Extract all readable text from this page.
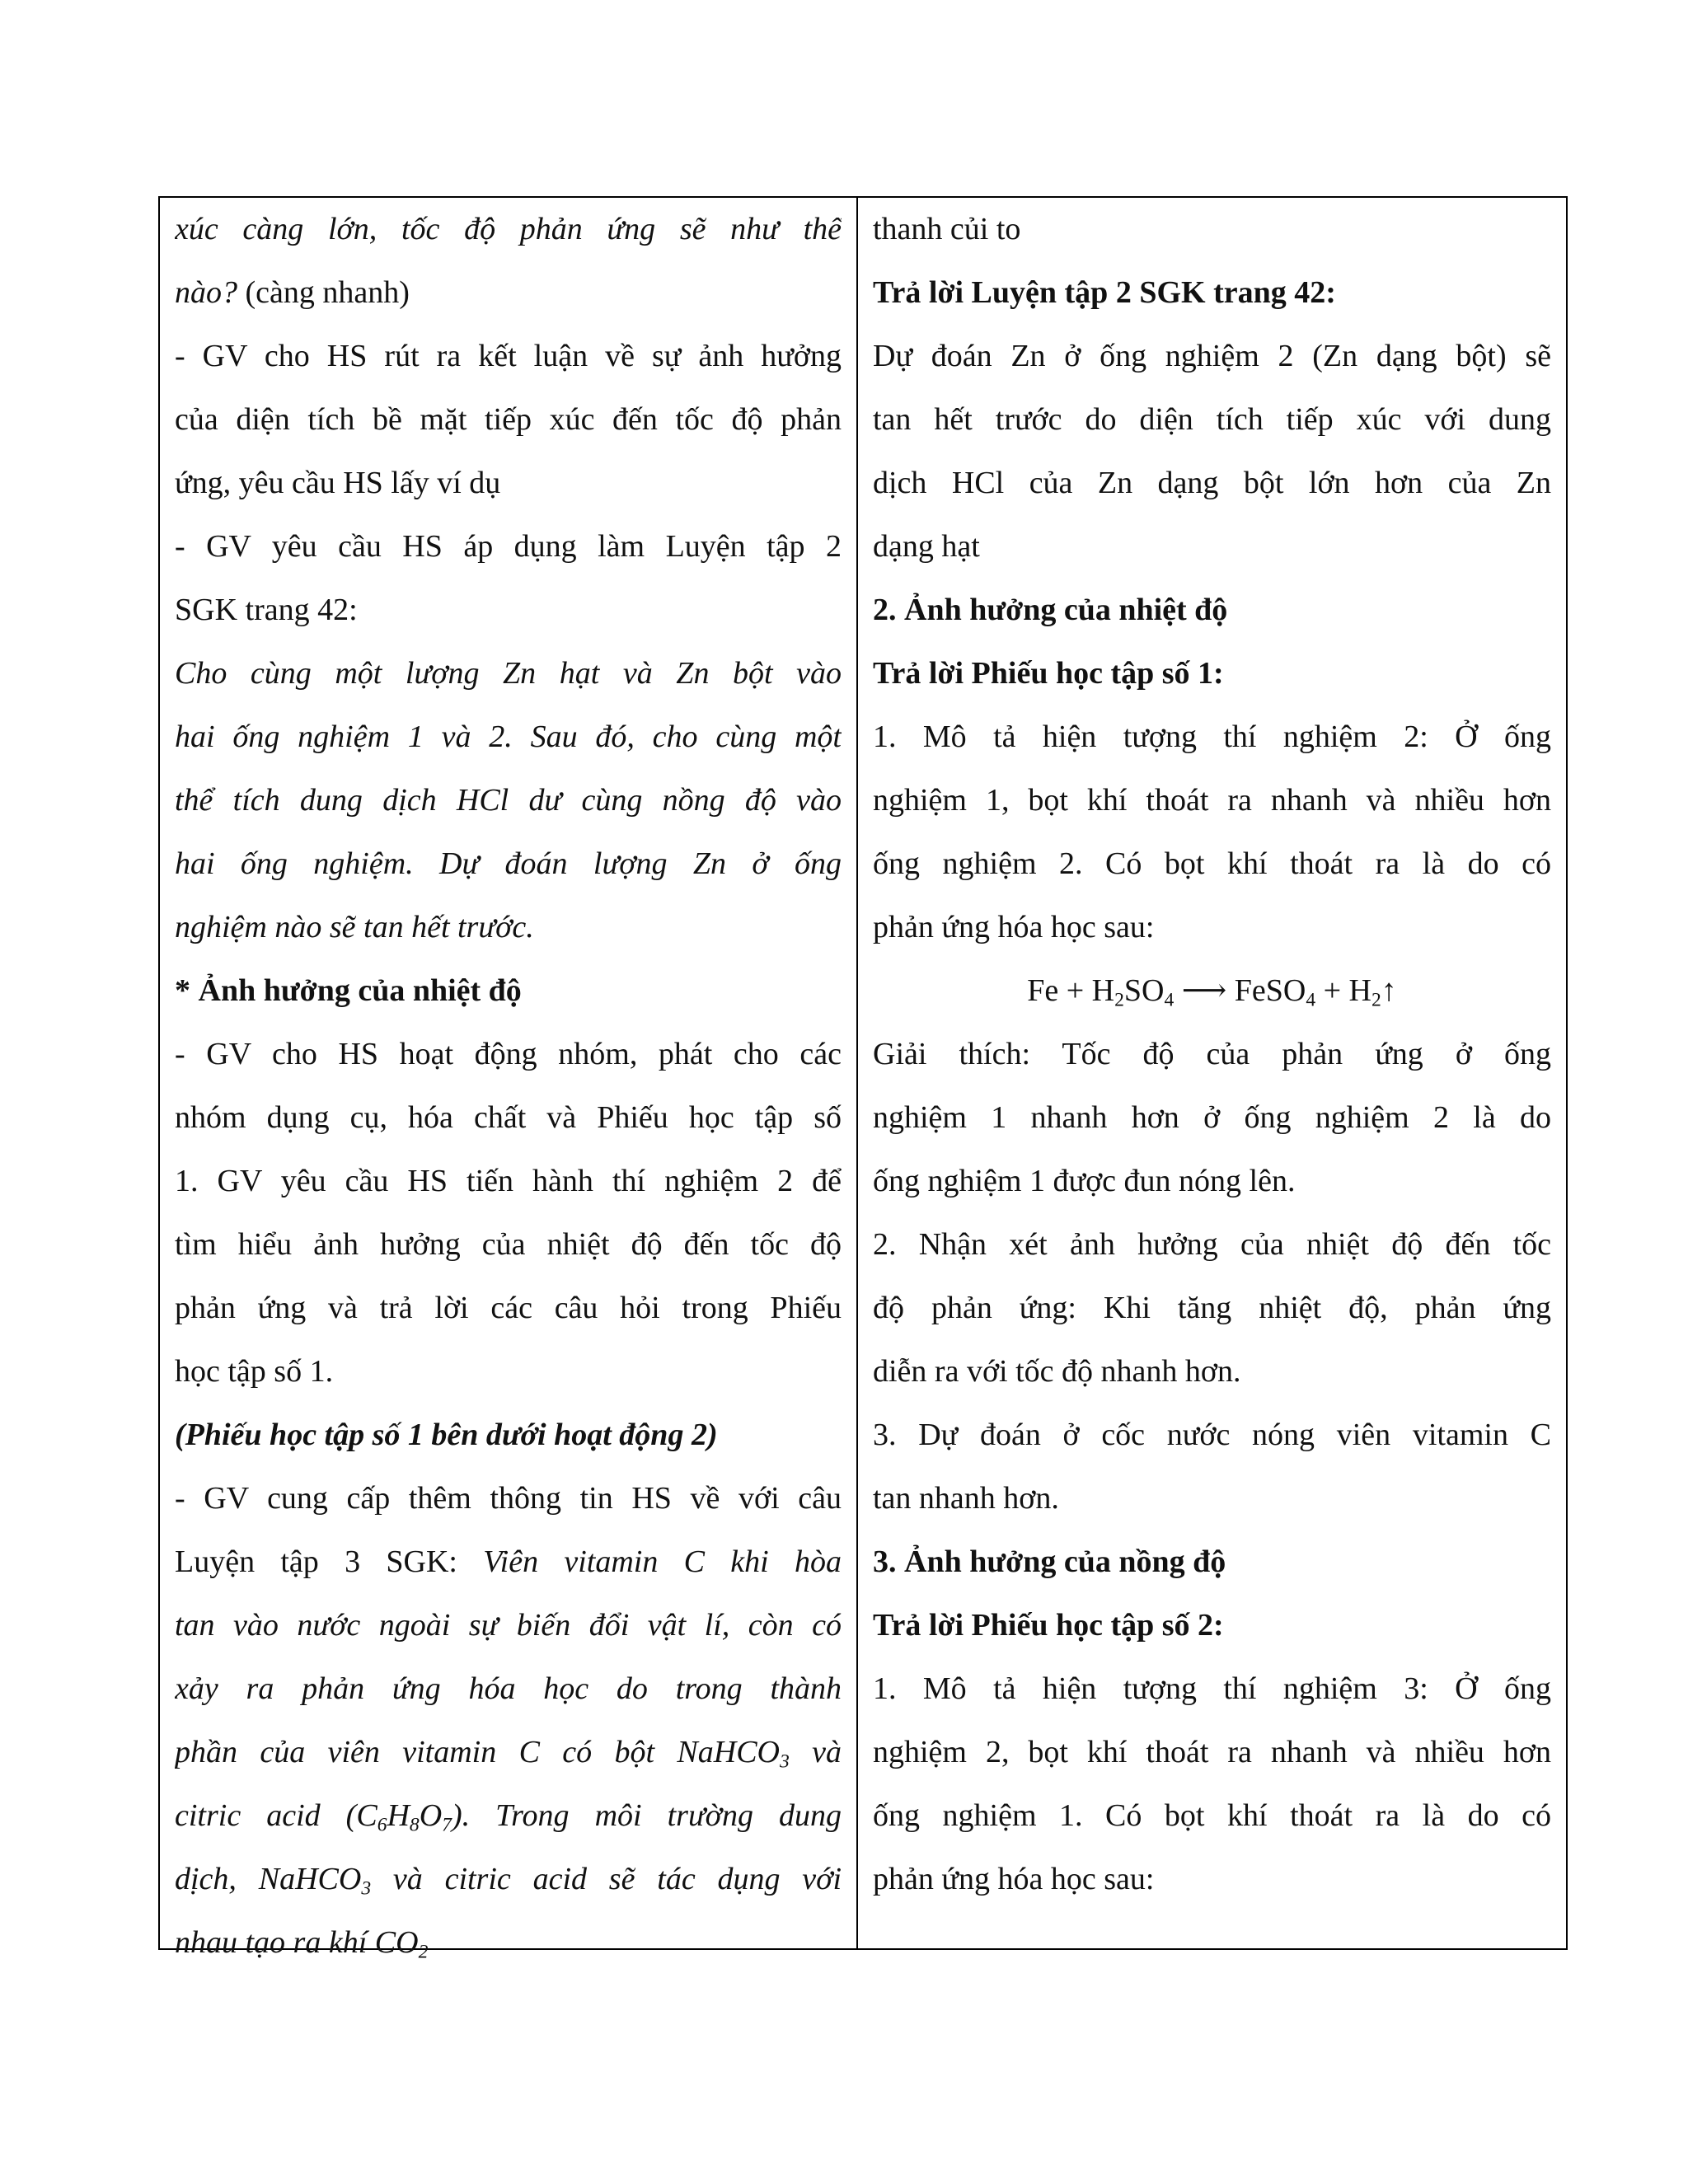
xúc càng lớn, tốc độ phản ứng sẽ như thế
nào? (càng nhanh)
- GV cho HS rút ra kết luận về sự ảnh hưởng
của diện tích bề mặt tiếp xúc đến tốc độ phản
ứng, yêu cầu HS lấy ví dụ
- GV yêu cầu HS áp dụng làm Luyện tập 2
SGK trang 42:
Cho cùng một lượng Zn hạt và Zn bột vào
hai ống nghiệm 1 và 2. Sau đó, cho cùng một
thể tích dung dịch HCl dư cùng nồng độ vào
hai ống nghiệm. Dự đoán lượng Zn ở ống
nghiệm nào sẽ tan hết trước.
* Ảnh hưởng của nhiệt độ
- GV cho HS hoạt động nhóm, phát cho các
nhóm dụng cụ, hóa chất và Phiếu học tập số
1. GV yêu cầu HS tiến hành thí nghiệm 2 để
tìm hiểu ảnh hưởng của nhiệt độ đến tốc độ
phản ứng và trả lời các câu hỏi trong Phiếu
học tập số 1.
(Phiếu học tập số 1 bên dưới hoạt động 2)
- GV cung cấp thêm thông tin HS về với câu
Luyện tập 3 SGK: Viên vitamin C khi hòa
tan vào nước ngoài sự biến đổi vật lí, còn có
xảy ra phản ứng hóa học do trong thành
phần của viên vitamin C có bột NaHCO$_3$ và
citric acid $(C_6H_8O_7)$. Trong môi trường dung
dịch, NaHCO$_3$ và citric acid sẽ tác dụng với
nhau tạo ra khí $CO_2$
thanh củi to
Trả lời Luyện tập 2 SGK trang 42:
Dự đoán Zn ở ống nghiệm 2 (Zn dạng bột) sẽ
tan hết trước do diện tích tiếp xúc với dung
dịch HCl của Zn dạng bột lớn hơn của Zn
dạng hạt
2. Ảnh hưởng của nhiệt độ
Trả lời Phiếu học tập số 1:
1. Mô tả hiện tượng thí nghiệm 2: Ở ống
nghiệm 1, bọt khí thoát ra nhanh và nhiều hơn
ống nghiệm 2. Có bọt khí thoát ra là do có
phản ứng hóa học sau:
$Fe + H_2SO_4$ ⟶ FeSO$_4$ + $H_2↑$
Giải thích: Tốc độ của phản ứng ở ống
nghiệm 1 nhanh hơn ở ống nghiệm 2 là do
ống nghiệm 1 được đun nóng lên.
2. Nhận xét ảnh hưởng của nhiệt độ đến tốc
độ phản ứng: Khi tăng nhiệt độ, phản ứng
diễn ra với tốc độ nhanh hơn.
3. Dự đoán ở cốc nước nóng viên vitamin C
tan nhanh hơn.
3. Ảnh hưởng của nồng độ
Trả lời Phiếu học tập số 2:
1. Mô tả hiện tượng thí nghiệm 3: Ở ống
nghiệm 2, bọt khí thoát ra nhanh và nhiều hơn
ống nghiệm 1. Có bọt khí thoát ra là do có
phản ứng hóa học sau:
